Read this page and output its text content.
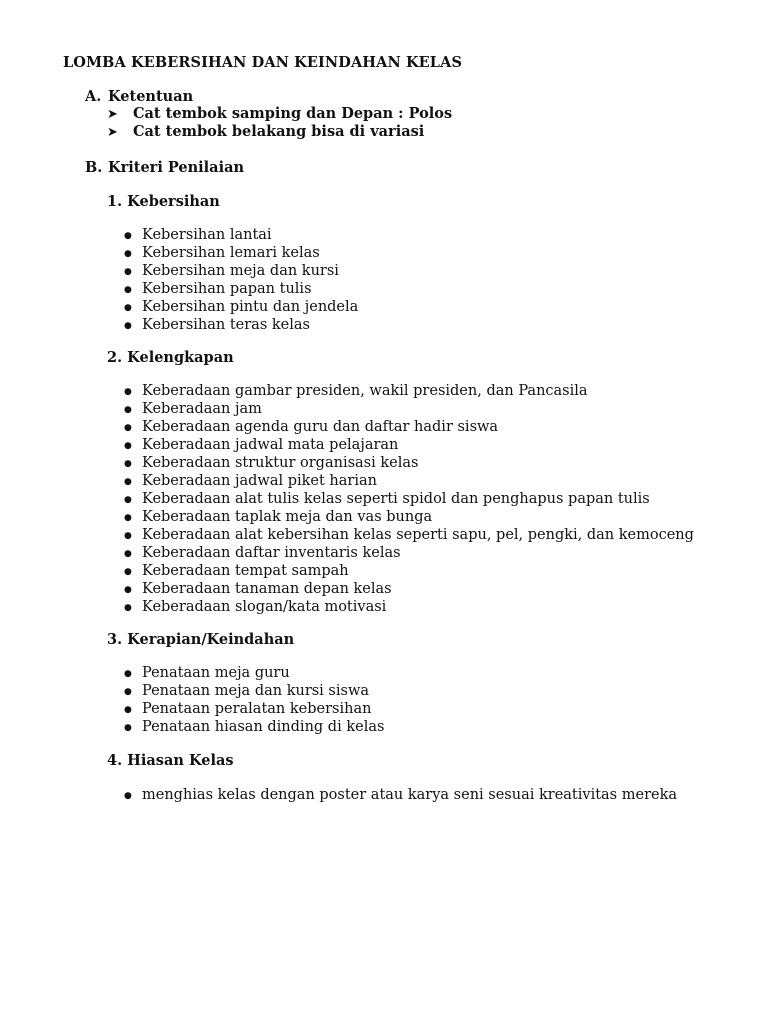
LOMBA KEBERSIHAN DAN KEINDAHAN KELAS
A. Ketentuan
➤ Cat tembok samping dan Depan : Polos
➤ Cat tembok belakang bisa di variasi
B. Kriteri Penilaian
1. Kebersihan
● Kebersihan lantai
● Kebersihan lemari kelas
● Kebersihan meja dan kursi
● Kebersihan papan tulis
● Kebersihan pintu dan jendela
● Kebersihan teras kelas
2. Kelengkapan
● Keberadaan gambar presiden, wakil presiden, dan Pancasila
● Keberadaan jam
● Keberadaan agenda guru dan daftar hadir siswa
● Keberadaan jadwal mata pelajaran
● Keberadaan struktur organisasi kelas
● Keberadaan jadwal piket harian
● Keberadaan alat tulis kelas seperti spidol dan penghapus papan tulis
● Keberadaan taplak meja dan vas bunga
● Keberadaan alat kebersihan kelas seperti sapu, pel, pengki, dan kemoceng
● Keberadaan daftar inventaris kelas
● Keberadaan tempat sampah
● Keberadaan tanaman depan kelas
● Keberadaan slogan/kata motivasi
3. Kerapian/Keindahan
● Penataan meja guru
● Penataan meja dan kursi siswa
● Penataan peralatan kebersihan
● Penataan hiasan dinding di kelas
4. Hiasan Kelas
● menghias kelas dengan poster atau karya seni sesuai kreativitas mereka
